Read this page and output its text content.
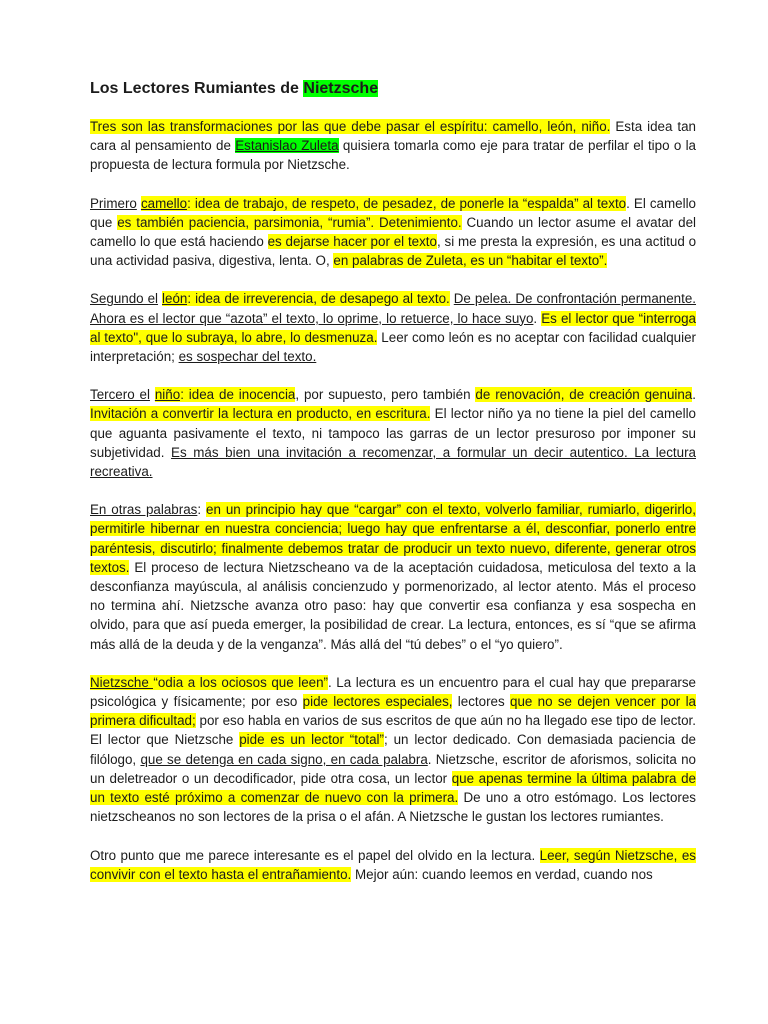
Los Lectores Rumiantes de Nietzsche

Tres son las transformaciones por las que debe pasar el espíritu: camello, león, niño. Esta idea tan cara al pensamiento de Estanislao Zuleta quisiera tomarla como eje para tratar de perfilar el tipo o la propuesta de lectura formula por Nietzsche.

Primero camello: idea de trabajo, de respeto, de pesadez, de ponerle la “espalda” al texto. El camello que es también paciencia, parsimonia, “rumia”. Detenimiento. Cuando un lector asume el avatar del camello lo que está haciendo es dejarse hacer por el texto, si me presta la expresión, es una actitud o una actividad pasiva, digestiva, lenta. O, en palabras de Zuleta, es un “habitar el texto”.

Segundo el león: idea de irreverencia, de desapego al texto. De pelea. De confrontación permanente. Ahora es el lector que “azota” el texto, lo oprime, lo retuerce, lo hace suyo. Es el lector que “interroga al texto", que lo subraya, lo abre, lo desmenuza. Leer como león es no aceptar con facilidad cualquier interpretación; es sospechar del texto.

Tercero el niño: idea de inocencia, por supuesto, pero también de renovación, de creación genuina. Invitación a convertir la lectura en producto, en escritura. El lector niño ya no tiene la piel del camello que aguanta pasivamente el texto, ni tampoco las garras de un lector presuroso por imponer su subjetividad. Es más bien una invitación a recomenzar, a formular un decir autentico. La lectura recreativa.

En otras palabras: en un principio hay que “cargar” con el texto, volverlo familiar, rumiarlo, digerirlo, permitirle hibernar en nuestra conciencia; luego hay que enfrentarse a él, desconfiar, ponerlo entre paréntesis, discutirlo; finalmente debemos tratar de producir un texto nuevo, diferente, generar otros textos. El proceso de lectura Nietzscheano va de la aceptación cuidadosa, meticulosa del texto a la desconfianza mayúscula, al análisis concienzudo y pormenorizado, al lector atento. Más el proceso no termina ahí. Nietzsche avanza otro paso: hay que convertir esa confianza y esa sospecha en olvido, para que así pueda emerger, la posibilidad de crear. La lectura, entonces, es sí “que se afirma más allá de la deuda y de la venganza”. Más allá del “tú debes” o el “yo quiero”.

Nietzsche “odia a los ociosos que leen”. La lectura es un encuentro para el cual hay que prepararse psicológica y físicamente; por eso pide lectores especiales, lectores que no se dejen vencer por la primera dificultad; por eso habla en varios de sus escritos de que aún no ha llegado ese tipo de lector. El lector que Nietzsche pide es un lector “total”; un lector dedicado. Con demasiada paciencia de filólogo, que se detenga en cada signo, en cada palabra. Nietzsche, escritor de aforismos, solicita no un deletreador o un decodificador, pide otra cosa, un lector que apenas termine la última palabra de un texto esté próximo a comenzar de nuevo con la primera. De uno a otro estómago. Los lectores nietzscheanos no son lectores de la prisa o el afán. A Nietzsche le gustan los lectores rumiantes.

Otro punto que me parece interesante es el papel del olvido en la lectura. Leer, según Nietzsche, es convivir con el texto hasta el entrañamiento. Mejor aún: cuando leemos en verdad, cuando nos
